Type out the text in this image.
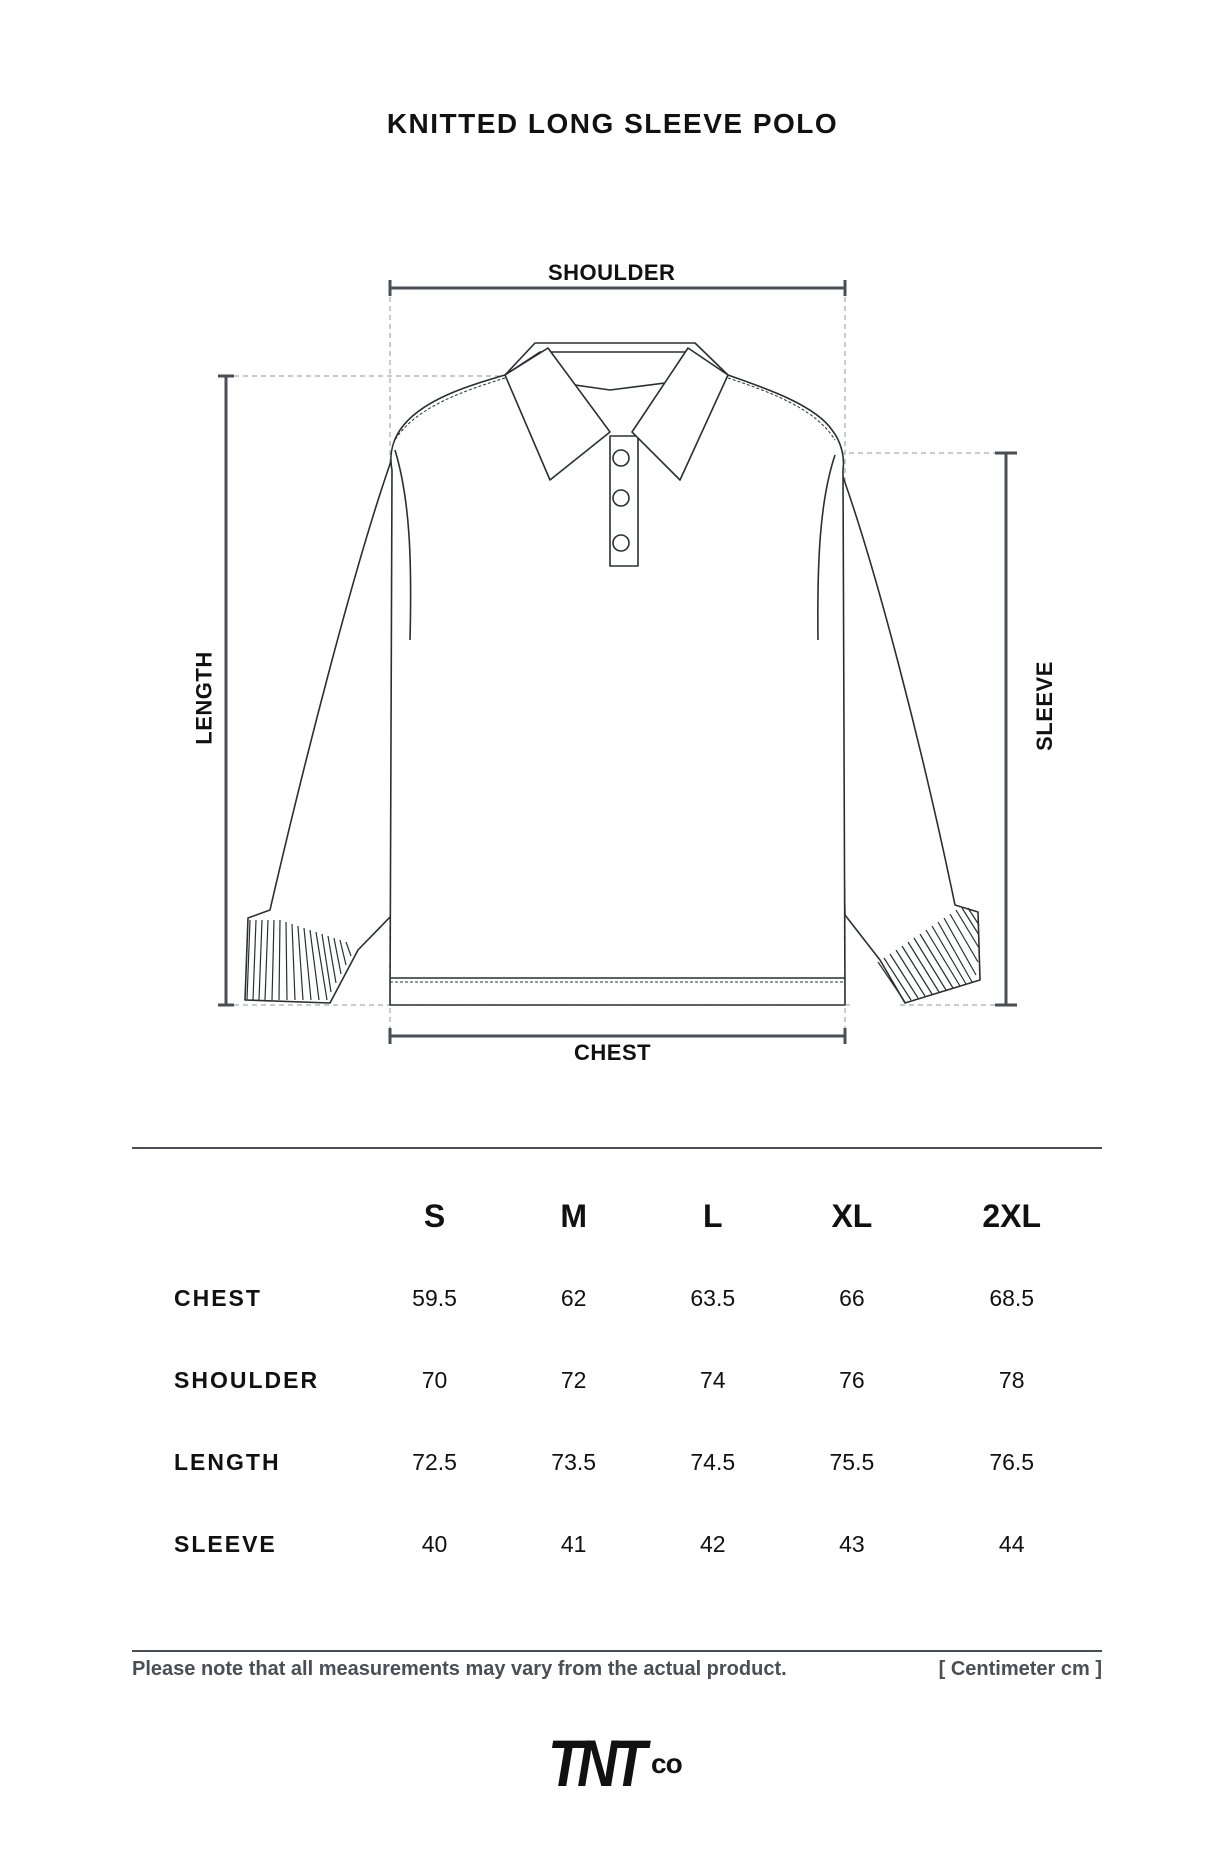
KNITTED LONG SLEEVE POLO
SHOULDER
CHEST
LENGTH	SLEEVE
	S	M	L	XL	2XL
CHEST	59.5	62	63.5	66	68.5
SHOULDER	70	72	74	76	78
LENGTH	72.5	73.5	74.5	75.5	76.5
SLEEVE	40	41	42	43	44
Please note that all measurements may vary from the actual product.	[ Centimeter cm ]
TNT co
